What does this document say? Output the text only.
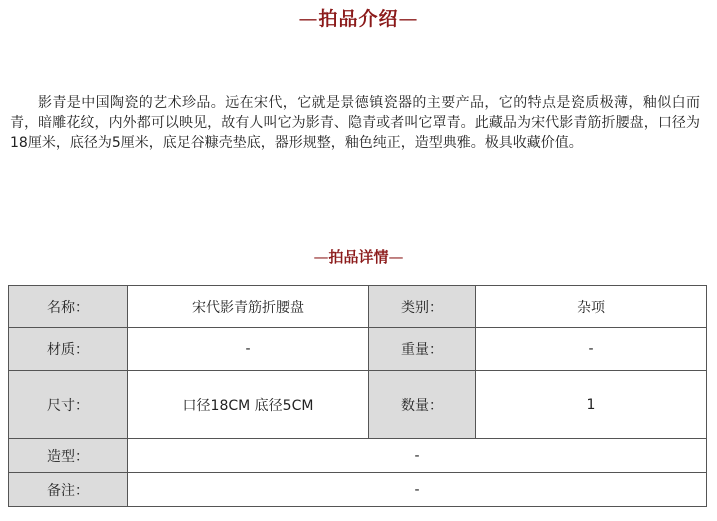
—拍品介绍—

影青是中国陶瓷的艺术珍品。远在宋代，它就是景德镇瓷器的主要产品，它的特点是瓷质极薄，釉似白而青，暗雕花纹，内外都可以映见，故有人叫它为影青、隐青或者叫它罩青。此藏品为宋代影青筋折腰盘，口径为18厘米，底径为5厘米，底足谷糠壳垫底，器形规整，釉色纯正，造型典雅。极具收藏价值。

—拍品详情—
名称：	宋代影青筋折腰盘	类别：	杂项
材质：	-	重量：	-
尺寸：	口径18CM 底径5CM	数量：	1
造型：	-		
备注：	-		
